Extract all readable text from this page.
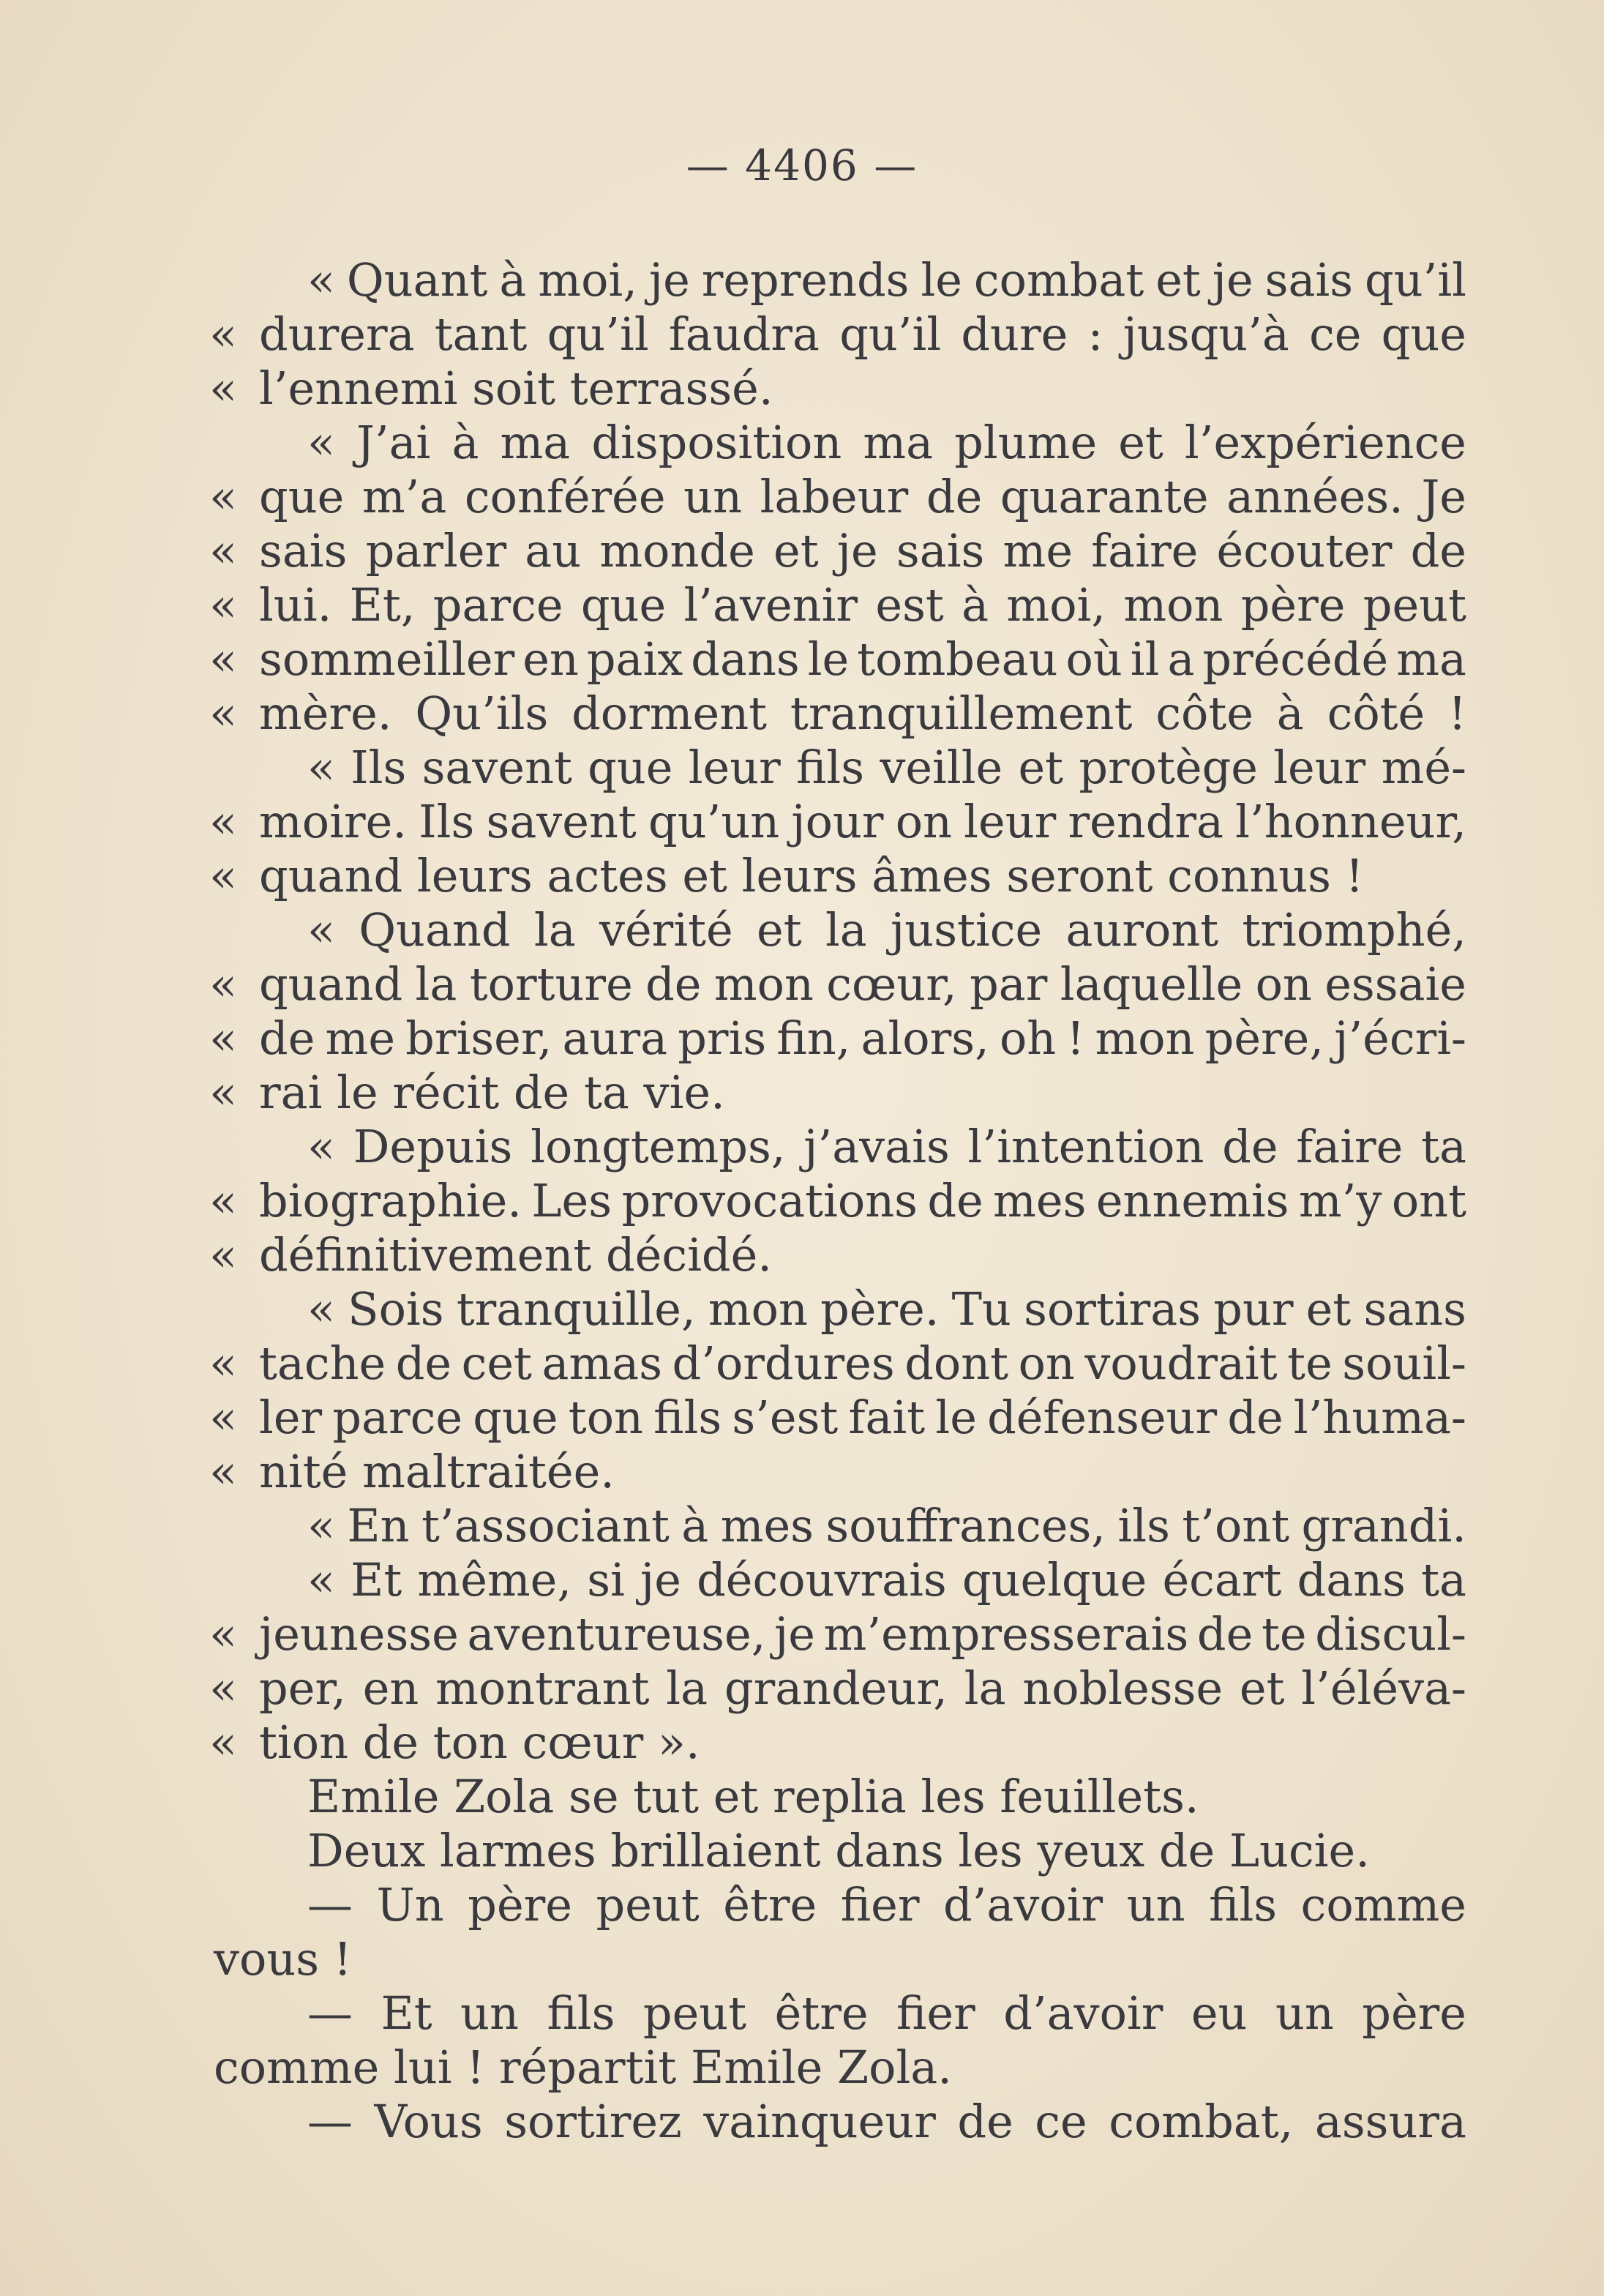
— 4406 —
« Quant à moi, je reprends le combat et je sais qu’il
« durera tant qu’il faudra qu’il dure : jusqu’à ce que
« l’ennemi soit terrassé.
« J’ai à ma disposition ma plume et l’expérience
« que m’a conférée un labeur de quarante années. Je
« sais parler au monde et je sais me faire écouter de
« lui. Et, parce que l’avenir est à moi, mon père peut
« sommeiller en paix dans le tombeau où il a précédé ma
« mère. Qu’ils dorment tranquillement côte à côté !
« Ils savent que leur fils veille et protège leur mé-
« moire. Ils savent qu’un jour on leur rendra l’honneur,
« quand leurs actes et leurs âmes seront connus !
« Quand la vérité et la justice auront triomphé,
« quand la torture de mon cœur, par laquelle on essaie
« de me briser, aura pris fin, alors, oh ! mon père, j’écri-
« rai le récit de ta vie.
« Depuis longtemps, j’avais l’intention de faire ta
« biographie. Les provocations de mes ennemis m’y ont
« définitivement décidé.
« Sois tranquille, mon père. Tu sortiras pur et sans
« tache de cet amas d’ordures dont on voudrait te souil-
« ler parce que ton fils s’est fait le défenseur de l’huma-
« nité maltraitée.
« En t’associant à mes souffrances, ils t’ont grandi.
« Et même, si je découvrais quelque écart dans ta
« jeunesse aventureuse, je m’empresserais de te discul-
« per, en montrant la grandeur, la noblesse et l’éléva-
« tion de ton cœur ».
Emile Zola se tut et replia les feuillets.
Deux larmes brillaient dans les yeux de Lucie.
— Un père peut être fier d’avoir un fils comme
vous !
— Et un fils peut être fier d’avoir eu un père
comme lui ! répartit Emile Zola.
— Vous sortirez vainqueur de ce combat, assura
